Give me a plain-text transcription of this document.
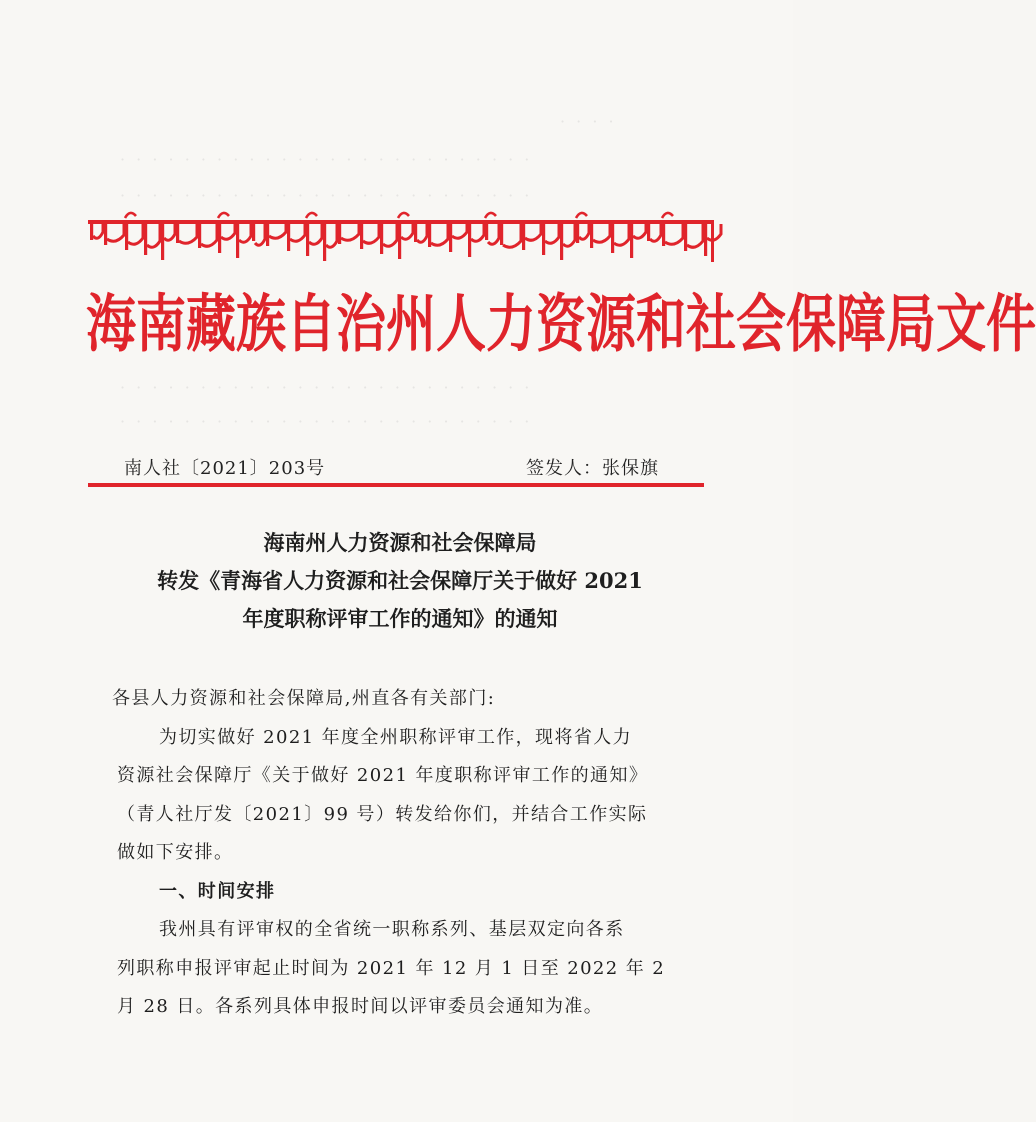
· · · ·
· · · · · · · · · · · · · · · · · · · · · · · · · ·
· · · · · · · · · · · · · · · · · · · · · · · · · ·
· · · · · · · · · · · · · · · · · · · · · · · · · ·
· · · · · · · · · · · · · · · · · · · · · · · · · ·
海南藏族自治州人力资源和社会保障局文件
南人社〔2021〕203号	签发人：张保旗
海南州人力资源和社会保障局
转发《青海省人力资源和社会保障厅关于做好 2021
年度职称评审工作的通知》的通知

各县人力资源和社会保障局,州直各有关部门:

为切实做好 2021 年度全州职称评审工作，现将省人力

资源社会保障厅《关于做好 2021 年度职称评审工作的通知》

（青人社厅发〔2021〕99 号）转发给你们，并结合工作实际

做如下安排。

一、时间安排

我州具有评审权的全省统一职称系列、基层双定向各系

列职称申报评审起止时间为 2021 年 12 月 1 日至 2022 年 2

月 28 日。各系列具体申报时间以评审委员会通知为准。
